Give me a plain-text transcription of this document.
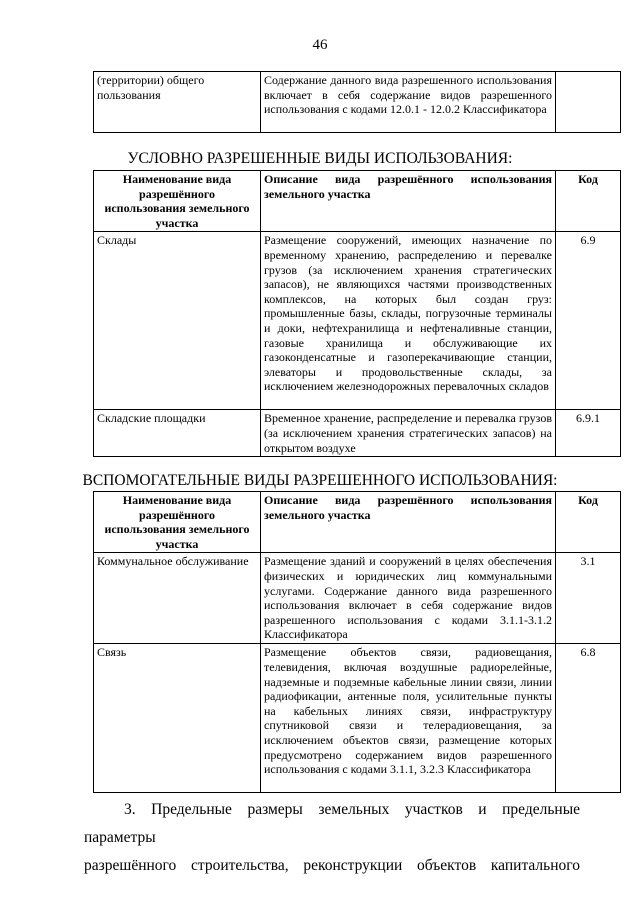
46
(территории) общего пользования	Содержание данного вида разрешенного использования включает в себя содержание видов разрешенного использования с кодами 12.0.1 - 12.0.2 Классификатора	
УСЛОВНО РАЗРЕШЕННЫЕ ВИДЫ ИСПОЛЬЗОВАНИЯ:
Наименование вида разрешённого использования земельного участка	Описание вида разрешённого использования земельного участка	Код
Склады	Размещение сооружений, имеющих назначение по временному хранению, распределению и перевалке грузов (за исключением хранения стратегических запасов), не являющихся частями производственных комплексов, на которых был создан груз: промышленные базы, склады, погрузочные терминалы и доки, нефтехранилища и нефтеналивные станции, газовые хранилища и обслуживающие их газоконденсатные и газоперекачивающие станции, элеваторы и продовольственные склады, за исключением железнодорожных перевалочных складов	6.9
Складские площадки	Временное хранение, распределение и перевалка грузов (за исключением хранения стратегических запасов) на открытом воздухе	6.9.1
ВСПОМОГАТЕЛЬНЫЕ ВИДЫ РАЗРЕШЕННОГО ИСПОЛЬЗОВАНИЯ:
Наименование вида разрешённого использования земельного участка	Описание вида разрешённого использования земельного участка	Код
Коммунальное обслуживание	Размещение зданий и сооружений в целях обеспечения физических и юридических лиц коммунальными услугами. Содержание данного вида разрешенного использования включает в себя содержание видов разрешенного использования с кодами 3.1.1-3.1.2 Классификатора	3.1
Связь	Размещение объектов связи, радиовещания, телевидения, включая воздушные радиорелейные, надземные и подземные кабельные линии связи, линии радиофикации, антенные поля, усилительные пункты на кабельных линиях связи, инфраструктуру спутниковой связи и телерадиовещания, за исключением объектов связи, размещение которых предусмотрено содержанием видов разрешенного использования с кодами 3.1.1, 3.2.3 Классификатора	6.8
3. Предельные размеры земельных участков и предельные параметры
разрешённого строительства, реконструкции объектов капитального
